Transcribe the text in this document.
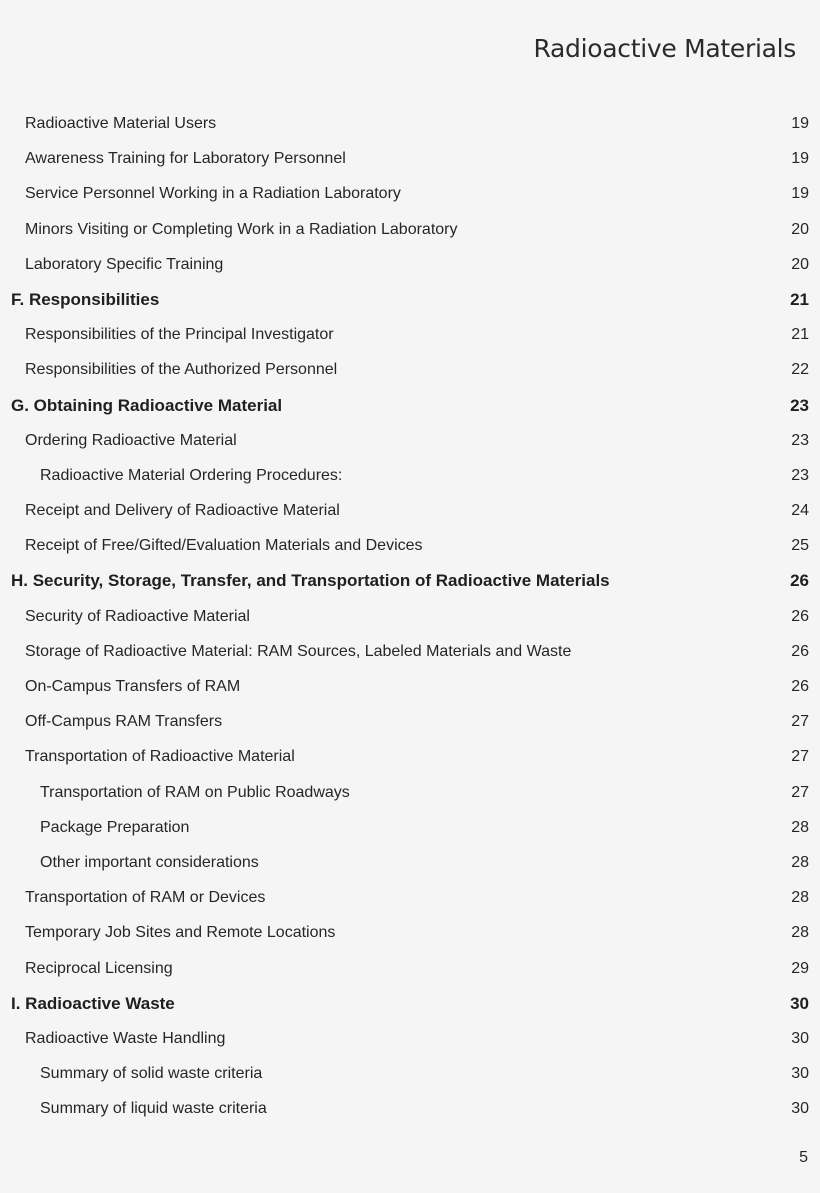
Radioactive Materials
Radioactive Material Users	19
Awareness Training for Laboratory Personnel	19
Service Personnel Working in a Radiation Laboratory	19
Minors Visiting or Completing Work in a Radiation Laboratory	20
Laboratory Specific Training	20
F. Responsibilities	21
Responsibilities of the Principal Investigator	21
Responsibilities of the Authorized Personnel	22
G. Obtaining Radioactive Material	23
Ordering Radioactive Material	23
Radioactive Material Ordering Procedures:	23
Receipt and Delivery of Radioactive Material	24
Receipt of Free/Gifted/Evaluation Materials and Devices	25
H. Security, Storage, Transfer, and Transportation of Radioactive Materials	26
Security of Radioactive Material	26
Storage of Radioactive Material: RAM Sources, Labeled Materials and Waste	26
On-Campus Transfers of RAM	26
Off-Campus RAM Transfers	27
Transportation of Radioactive Material	27
Transportation of RAM on Public Roadways	27
Package Preparation	28
Other important considerations	28
Transportation of RAM or Devices	28
Temporary Job Sites and Remote Locations	28
Reciprocal Licensing	29
I. Radioactive Waste	30
Radioactive Waste Handling	30
Summary of solid waste criteria	30
Summary of liquid waste criteria	30
5
